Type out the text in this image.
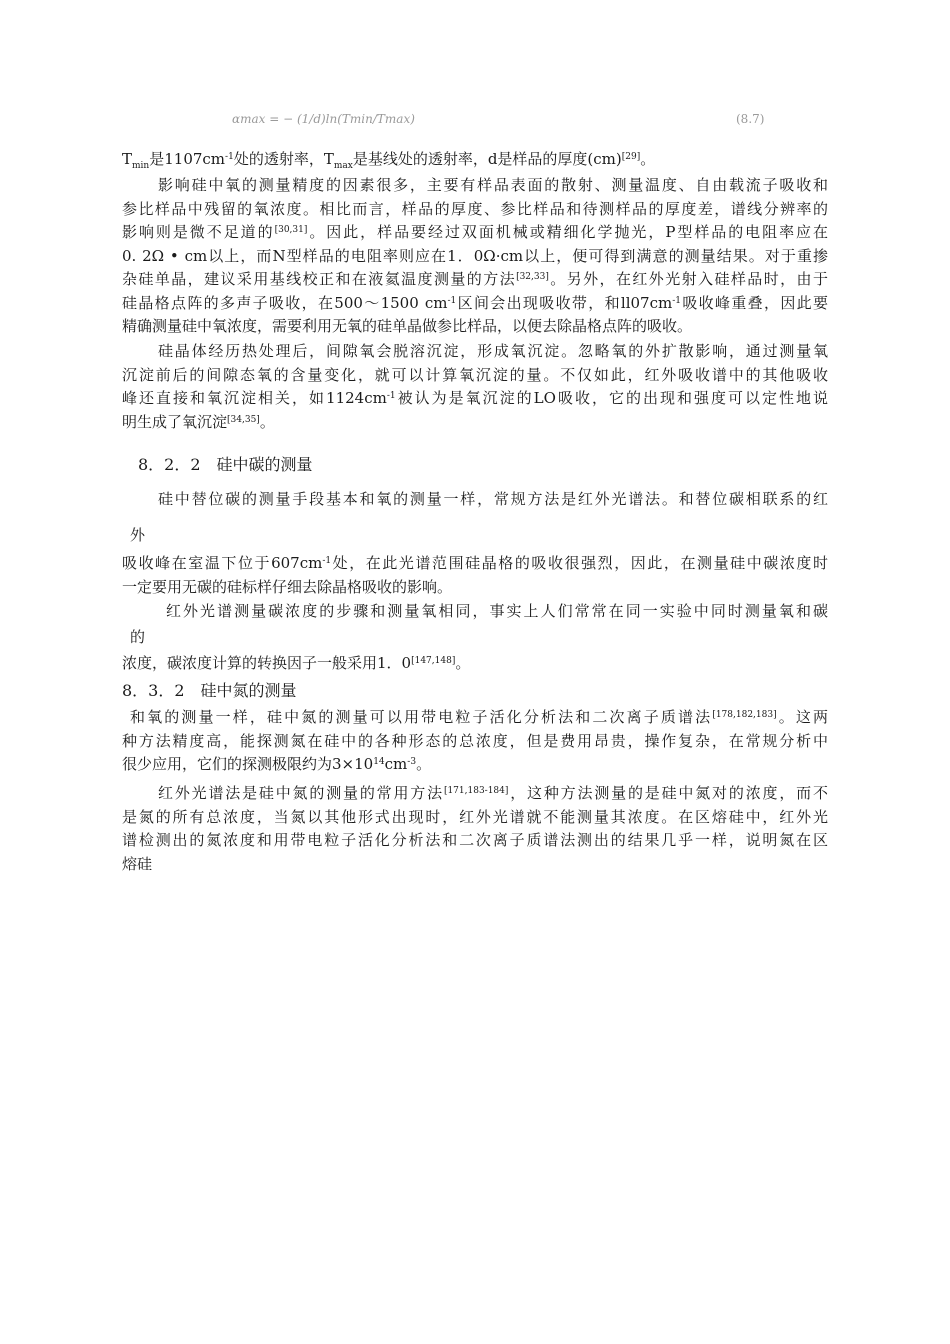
αmax = − (1/d)ln(Tmin/Tmax)	(8.7)
$T_{min}$是$1107cm^{-1}$处的透射率，$T_{max}$是基线处的透射率，d是样品的厚度(cm)[29]。
影响硅中氧的测量精度的因素很多，主要有样品表面的散射、测量温度、自由载流子吸收和
参比样品中残留的氧浓度。相比而言，样品的厚度、参比样品和待测样品的厚度差，谱线分辨率的
影响则是微不足道的[30,31]。因此，样品要经过双面机械或精细化学抛光，P型样品的电阻率应在
0. 2Ω • cm以上，而N型样品的电阻率则应在1．0Ω·cm以上，便可得到满意的测量结果。对于重掺
杂硅单晶，建议采用基线校正和在液氦温度测量的方法[32,33]。另外，在红外光射入硅样品时，由于
硅晶格点阵的多声子吸收，在500～1500 $cm^{-1}$区间会出现吸收带，和$ll07cm^{-1}$吸收峰重叠，因此要
精确测量硅中氧浓度，需要利用无氧的硅单晶做参比样品，以便去除晶格点阵的吸收。
硅晶体经历热处理后，间隙氧会脱溶沉淀，形成氧沉淀。忽略氧的外扩散影响，通过测量氧
沉淀前后的间隙态氧的含量变化，就可以计算氧沉淀的量。不仅如此，红外吸收谱中的其他吸收
峰还直接和氧沉淀相关，如$1124cm^{-1}$被认为是氧沉淀的LO吸收，它的出现和强度可以定性地说
明生成了氧沉淀[34,35]。
8．2．2　硅中碳的测量
硅中替位碳的测量手段基本和氧的测量一样，常规方法是红外光谱法。和替位碳相联系的红
外
吸收峰在室温下位于$607cm^{-1}$处，在此光谱范围硅晶格的吸收很强烈，因此，在测量硅中碳浓度时
一定要用无碳的硅标样仔细去除晶格吸收的影响。
红外光谱测量碳浓度的步骤和测量氧相同，事实上人们常常在同一实验中同时测量氧和碳
的
浓度，碳浓度计算的转换因子一般采用1．0[147,148]。
8．3．2　硅中氮的测量
和氧的测量一样，硅中氮的测量可以用带电粒子活化分析法和二次离子质谱法[178,182,183]。这两
种方法精度高，能探测氮在硅中的各种形态的总浓度，但是费用昂贵，操作复杂，在常规分析中
很少应用，它们的探测极限约为$3\times 10^{14}cm^{-3}$。
红外光谱法是硅中氮的测量的常用方法[171,183-184]，这种方法测量的是硅中氮对的浓度，而不
是氮的所有总浓度，当氮以其他形式出现时，红外光谱就不能测量其浓度。在区熔硅中，红外光
谱检测出的氮浓度和用带电粒子活化分析法和二次离子质谱法测出的结果几乎一样，说明氮在区
熔硅
